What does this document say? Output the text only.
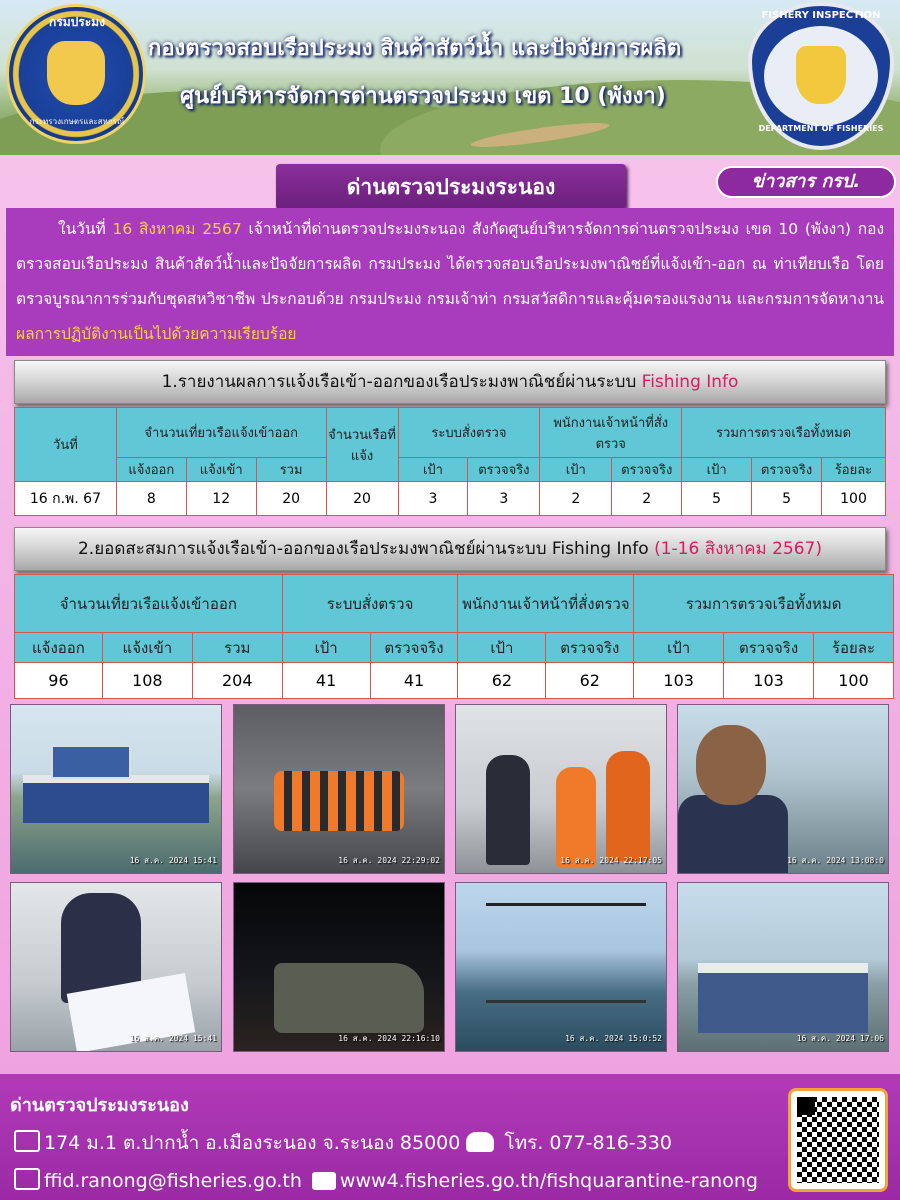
กรมประมง
กระทรวงเกษตรและสหกรณ์
กองตรวจสอบเรือประมง สินค้าสัตว์น้ำ และปัจจัยการผลิต
ศูนย์บริหารจัดการด่านตรวจประมง เขต 10 (พังงา)
FISHERY INSPECTION
DEPARTMENT OF FISHERIES
ด่านตรวจประมงระนอง	ข่าวสาร กรป.
ในวันที่ 16 สิงหาคม 2567 เจ้าหน้าที่ด่านตรวจประมงระนอง สังกัดศูนย์บริหารจัดการด่านตรวจประมง เขต 10 (พังงา) กองตรวจสอบเรือประมง สินค้าสัตว์น้ำและปัจจัยการผลิต กรมประมง ได้ตรวจสอบเรือประมงพาณิชย์ที่แจ้งเข้า-ออก ณ ท่าเทียบเรือ โดยตรวจบูรณาการร่วมกับชุดสหวิชาชีพ ประกอบด้วย กรมประมง กรมเจ้าท่า กรมสวัสดิการและคุ้มครองแรงงาน และกรมการจัดหางาน ผลการปฏิบัติงานเป็นไปด้วยความเรียบร้อย
1.รายงานผลการแจ้งเรือเข้า-ออกของเรือประมงพาณิชย์ผ่านระบบ Fishing Info
วันที่	จำนวนเที่ยวเรือแจ้งเข้าออก			จำนวนเรือที่แจ้ง	ระบบสั่งตรวจ		พนักงานเจ้าหน้าที่สั่งตรวจ		รวมการตรวจเรือทั้งหมด		
	แจ้งออก	แจ้งเข้า	รวม		เป้า	ตรวจจริง	เป้า	ตรวจจริง	เป้า	ตรวจจริง	ร้อยละ
16 ก.พ. 67	8	12	20	20	3	3	2	2	5	5	100
2.ยอดสะสมการแจ้งเรือเข้า-ออกของเรือประมงพาณิชย์ผ่านระบบ Fishing Info (1-16 สิงหาคม 2567)
จำนวนเที่ยวเรือแจ้งเข้าออก			ระบบสั่งตรวจ		พนักงานเจ้าหน้าที่สั่งตรวจ		รวมการตรวจเรือทั้งหมด		
แจ้งออก	แจ้งเข้า	รวม	เป้า	ตรวจจริง	เป้า	ตรวจจริง	เป้า	ตรวจจริง	ร้อยละ
96	108	204	41	41	62	62	103	103	100
16 ส.ค. 2024 15:41	16 ส.ค. 2024 22:29:02	16 ส.ค. 2024 22:17:05	16 ส.ค. 2024 13:08:0
16 ส.ค. 2024 15:41	16 ส.ค. 2024 22:16:10	16 ส.ค. 2024 15:0:52	16 ส.ค. 2024 17:06
ด่านตรวจประมงระนอง
174 ม.1 ต.ปากน้ำ อ.เมืองระนอง จ.ระนอง 85000 โทร. 077-816-330
ffid.ranong@fisheries.go.th www4.fisheries.go.th/fishquarantine-ranong
